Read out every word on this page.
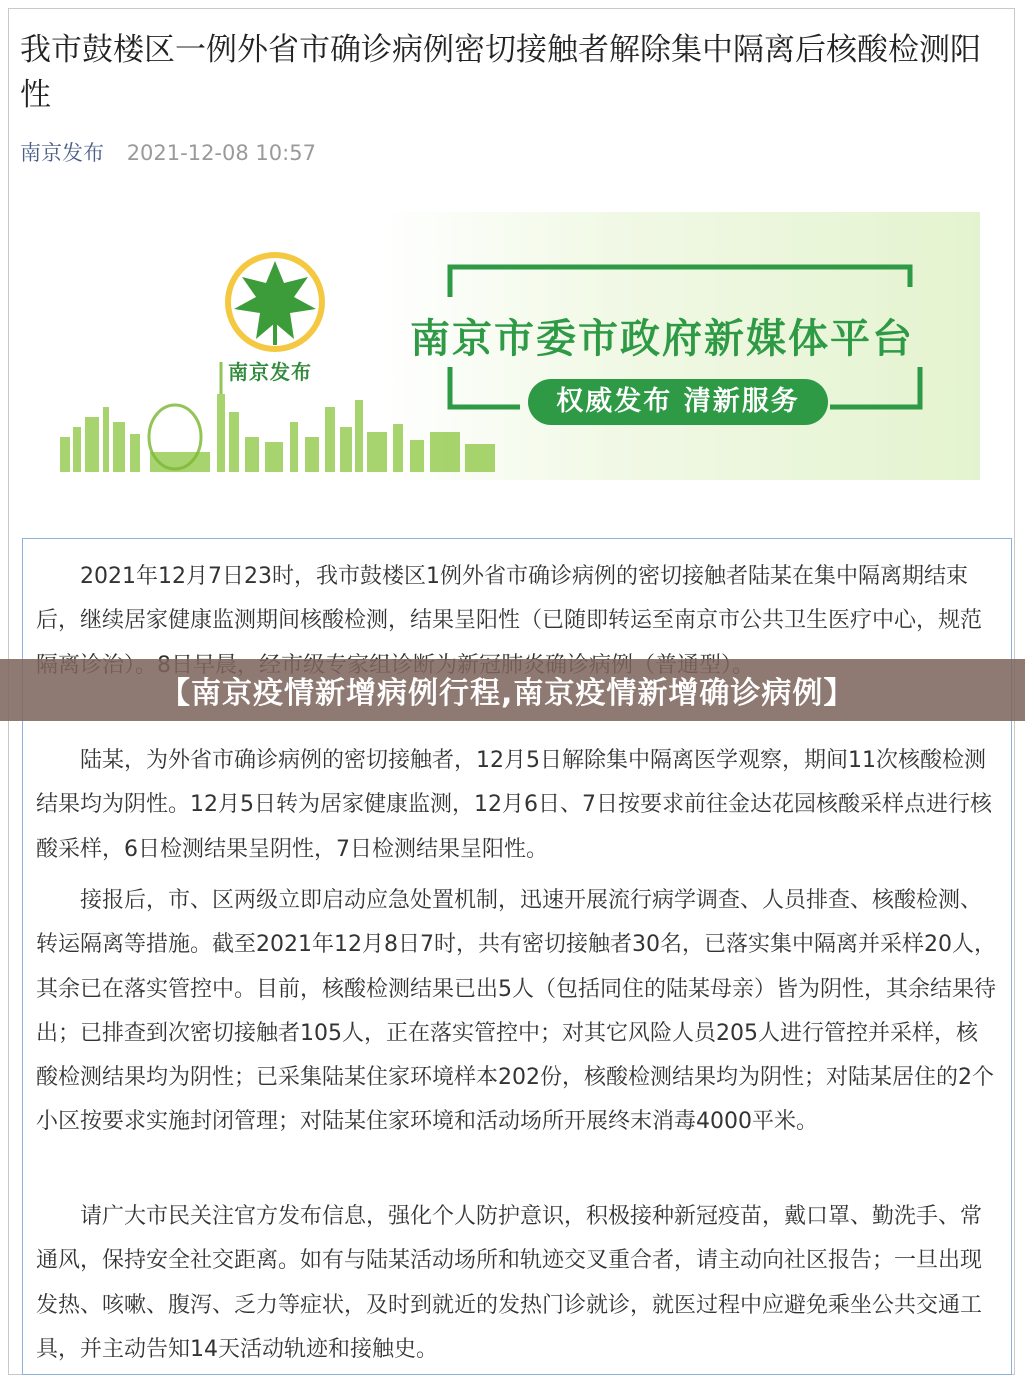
我市鼓楼区一例外省市确诊病例密切接触者解除集中隔离后核酸检测阳性
南京发布 2021-12-08 10:57
南京发布
南京市委市政府新媒体平台
权威发布 清新服务

2021年12月7日23时，我市鼓楼区1例外省市确诊病例的密切接触者陆某在集中隔离期结束后，继续居家健康监测期间核酸检测，结果呈阳性（已随即转运至南京市公共卫生医疗中心，规范

陆某，为外省市确诊病例的密切接触者，12月5日解除集中隔离医学观察，期间11次核酸检测结果均为阴性。12月5日转为居家健康监测，12月6日、7日按要求前往金达花园核酸采样点进行核酸采样，6日检测结果呈阴性，7日检测结果呈阳性。

接报后，市、区两级立即启动应急处置机制，迅速开展流行病学调查、人员排查、核酸检测、转运隔离等措施。截至2021年12月8日7时，共有密切接触者30名，已落实集中隔离并采样20人，其余已在落实管控中。目前，核酸检测结果已出5人（包括同住的陆某母亲）皆为阴性，其余结果待出；已排查到次密切接触者105人，正在落实管控中；对其它风险人员205人进行管控并采样，核酸检测结果均为阴性；已采集陆某住家环境样本202份，核酸检测结果均为阴性；对陆某居住的2个小区按要求实施封闭管理；对陆某住家环境和活动场所开展终末消毒4000平米。

请广大市民关注官方发布信息，强化个人防护意识，积极接种新冠疫苗，戴口罩、勤洗手、常通风，保持安全社交距离。如有与陆某活动场所和轨迹交叉重合者，请主动向社区报告；一旦出现发热、咳嗽、腹泻、乏力等症状，及时到就近的发热门诊就诊，就医过程中应避免乘坐公共交通工具，并主动告知14天活动轨迹和接触史。

【南京疫情新增病例行程,南京疫情新增确诊病例】
